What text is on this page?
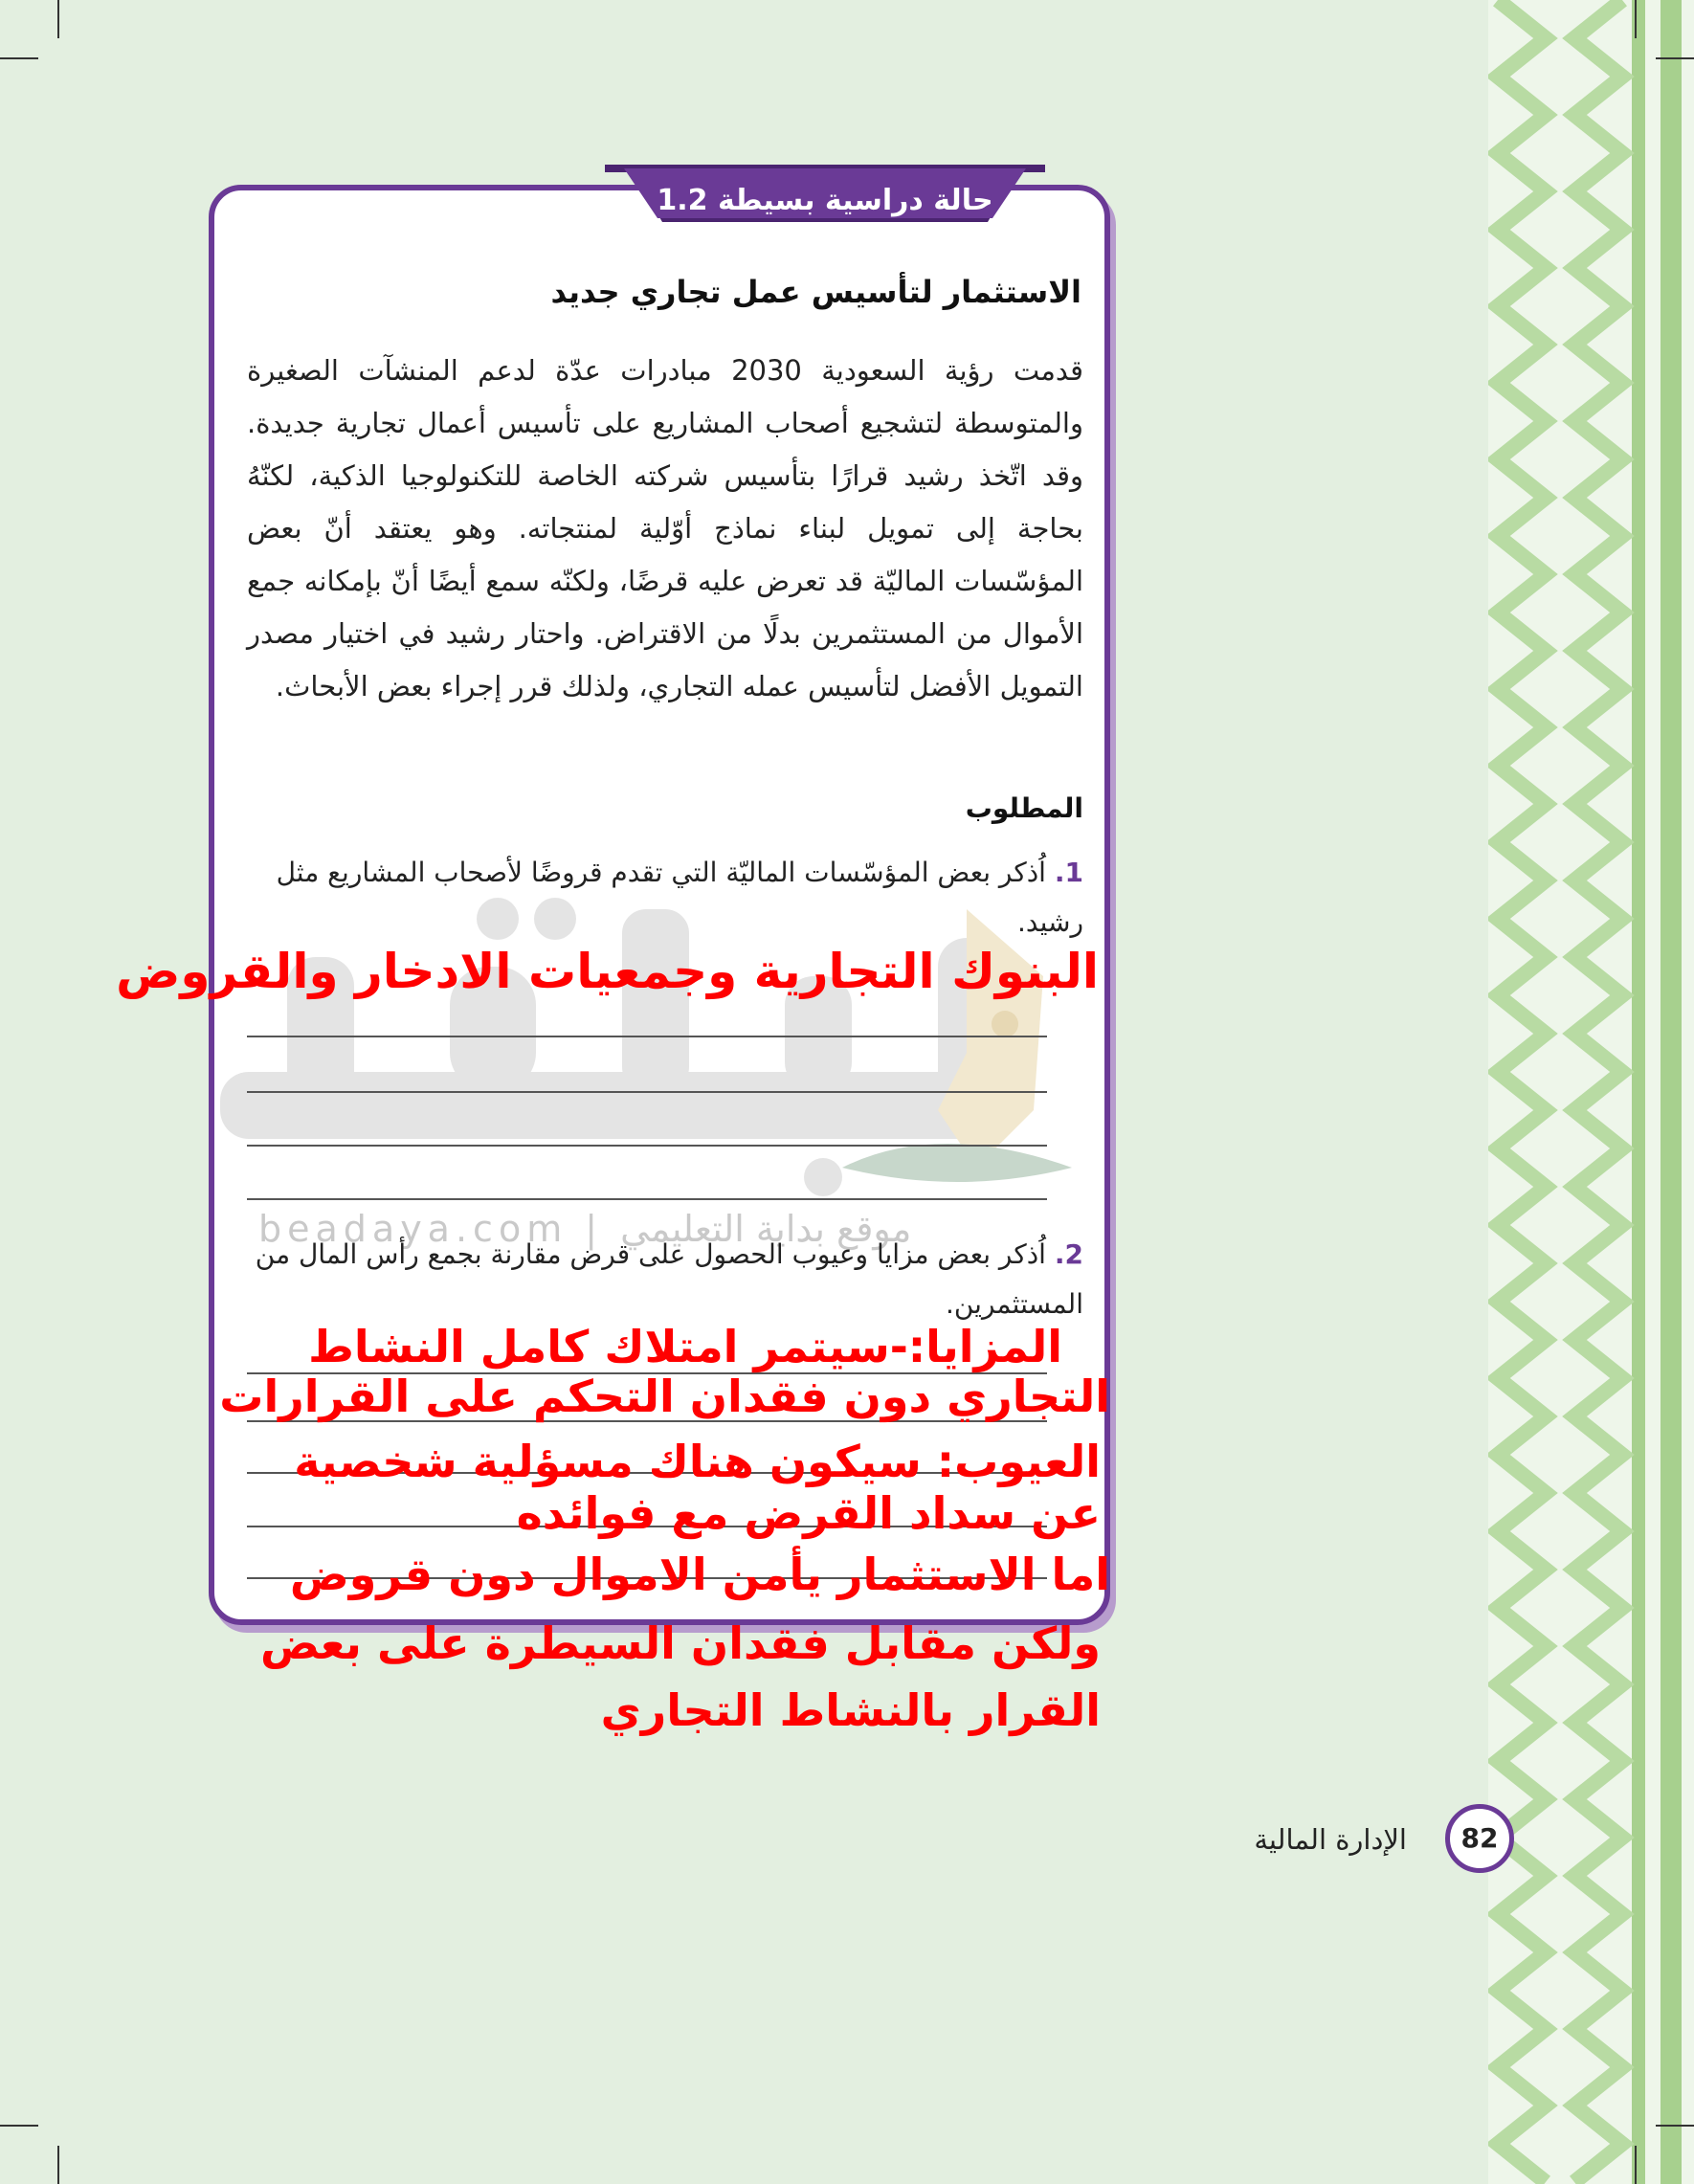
حالة دراسية بسيطة 1.2
الاستثمار لتأسيس عمل تجاري جديد
قدمت رؤية السعودية 2030 مبادرات عدّة لدعم المنشآت الصغيرة والمتوسطة لتشجيع أصحاب المشاريع على تأسيس أعمال تجارية جديدة. وقد اتّخذ رشيد قرارًا بتأسيس شركته الخاصة للتكنولوجيا الذكية، لكنّهُ بحاجة إلى تمويل لبناء نماذج أوّلية لمنتجاته. وهو يعتقد أنّ بعض المؤسّسات الماليّة قد تعرض عليه قرضًا، ولكنّه سمع أيضًا أنّ بإمكانه جمع الأموال من المستثمرين بدلًا من الاقتراض. واحتار رشيد في اختيار مصدر التمويل الأفضل لتأسيس عمله التجاري، ولذلك قرر إجراء بعض الأبحاث.
beadaya.com | موقع بداية التعليمي
المطلوب
1. اُذكر بعض المؤسّسات الماليّة التي تقدم قروضًا لأصحاب المشاريع مثل رشيد.
البنوك التجارية وجمعيات الادخار والقروض
2. اُذكر بعض مزايا وعيوب الحصول على قرض مقارنة بجمع رأس المال من المستثمرين.
المزايا:-سيتمر امتلاك كامل النشاط
التجاري دون فقدان التحكم على القرارات
العيوب: سيكون هناك مسؤلية شخصية
عن سداد القرض مع فوائده
اما الاستثمار يأمن الاموال دون قروض
ولكن مقابل فقدان السيطرة على بعض
القرار بالنشاط التجاري
الإدارة المالية	82
